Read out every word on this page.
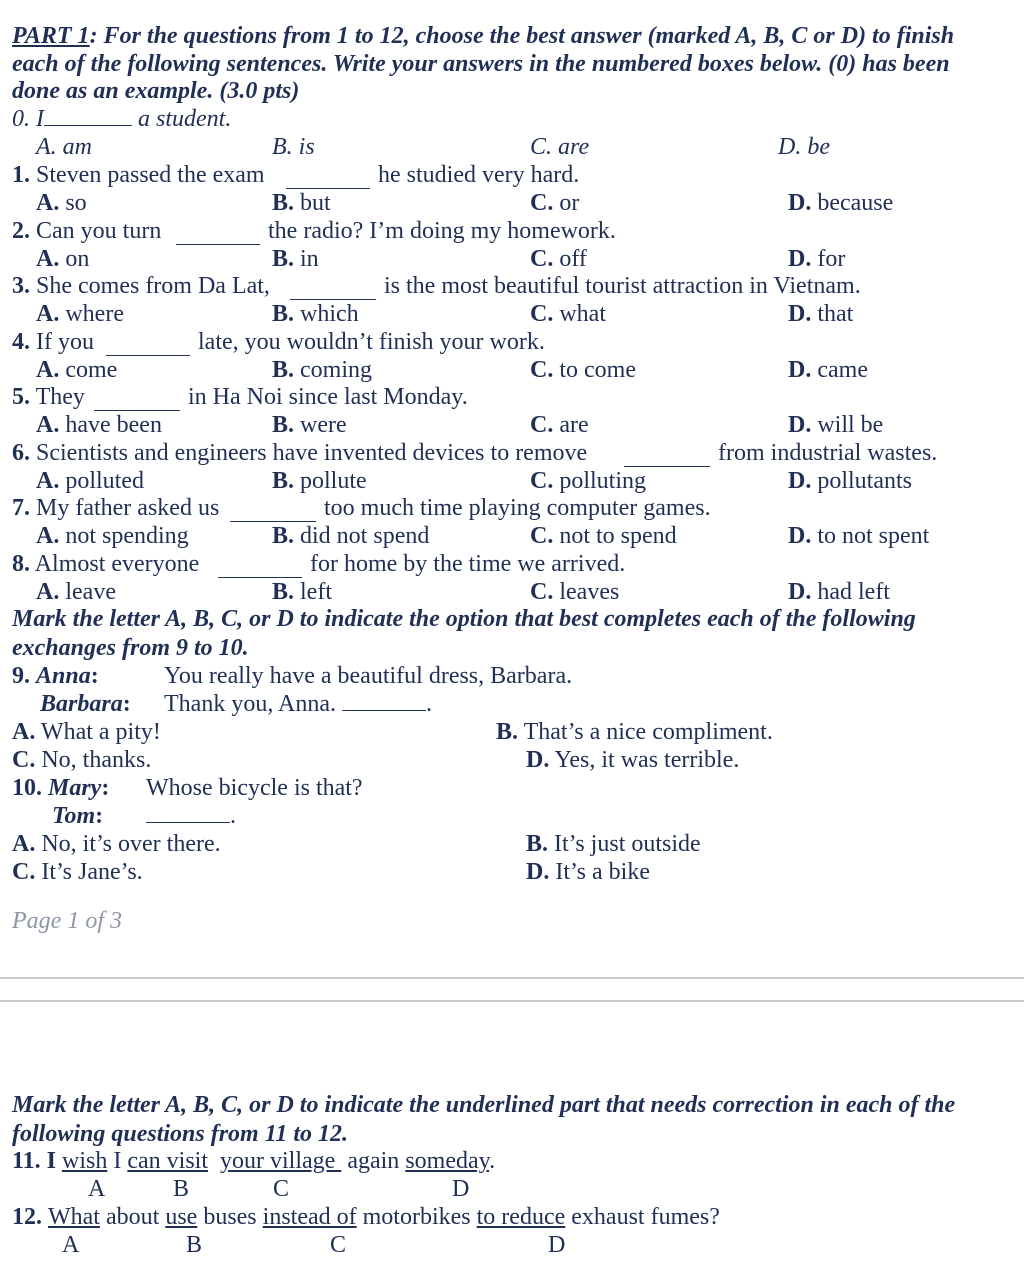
PART 1: For the questions from 1 to 12, choose the best answer (marked A, B, C or D) to finish
each of the following sentences. Write your answers in the numbered boxes below. (0) has been
done as an example. (3.0 pts)
0. I	a student.
A. am	B. is	C. are	D. be
1. Steven passed the exam	he studied very hard.
A. so	B. but	C. or	D. because
2. Can you turn	the radio? I’m doing my homework.
A. on	B. in	C. off	D. for
3. She comes from Da Lat,	is the most beautiful tourist attraction in Vietnam.
A. where	B. which	C. what	D. that
4. If you	late, you wouldn’t finish your work.
A. come	B. coming	C. to come	D. came
5. They	in Ha Noi since last Monday.
A. have been	B. were	C. are	D. will be
6. Scientists and engineers have invented devices to remove	from industrial wastes.
A. polluted	B. pollute	C. polluting	D. pollutants
7. My father asked us	too much time playing computer games.
A. not spending	B. did not spend	C. not to spend	D. to not spent
8. Almost everyone	for home by the time we arrived.
A. leave	B. left	C. leaves	D. had left
Mark the letter A, B, C, or D to indicate the option that best completes each of the following
exchanges from 9 to 10.
9. Anna:	You really have a beautiful dress, Barbara.
Barbara: Thank you, Anna.	.
A. What a pity!	B. That’s a nice compliment.
C. No, thanks.	D. Yes, it was terrible.
10. Mary: Whose bicycle is that?
Tom:	.
A. No, it’s over there.	B. It’s just outside
C. It’s Jane’s.	D. It’s a bike
Page 1 of 3
Mark the letter A, B, C, or D to indicate the underlined part that needs correction in each of the
following questions from 11 to 12.
11. I wish I can visit your village  again someday.
A	B	C	D
12. What about use buses instead of motorbikes to reduce exhaust fumes?
A	B	C	D
